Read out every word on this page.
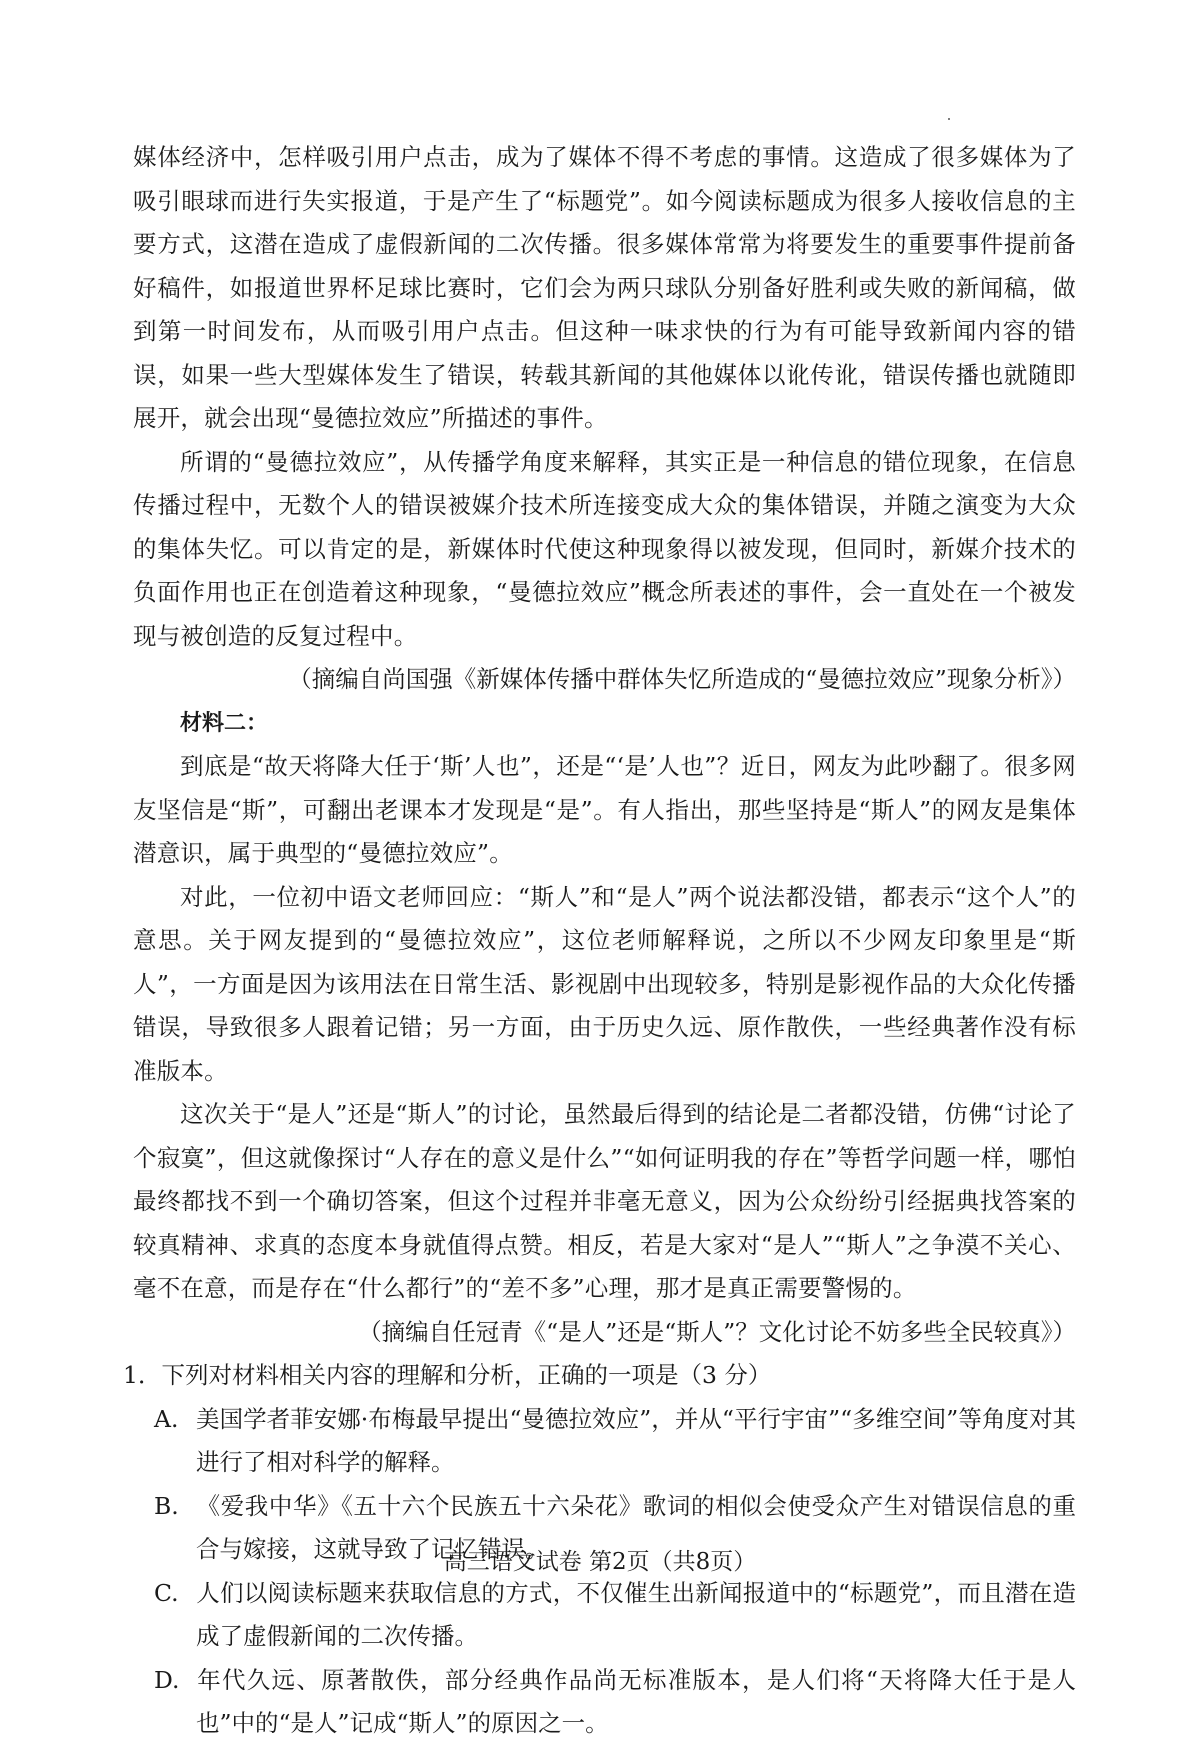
媒体经济中，怎样吸引用户点击，成为了媒体不得不考虑的事情。这造成了很多媒体为了吸引眼球而进行失实报道，于是产生了“标题党”。如今阅读标题成为很多人接收信息的主要方式，这潜在造成了虚假新闻的二次传播。很多媒体常常为将要发生的重要事件提前备好稿件，如报道世界杯足球比赛时，它们会为两只球队分别备好胜利或失败的新闻稿，做到第一时间发布，从而吸引用户点击。但这种一味求快的行为有可能导致新闻内容的错误，如果一些大型媒体发生了错误，转载其新闻的其他媒体以讹传讹，错误传播也就随即展开，就会出现“曼德拉效应”所描述的事件。

所谓的“曼德拉效应”，从传播学角度来解释，其实正是一种信息的错位现象，在信息传播过程中，无数个人的错误被媒介技术所连接变成大众的集体错误，并随之演变为大众的集体失忆。可以肯定的是，新媒体时代使这种现象得以被发现，但同时，新媒介技术的负面作用也正在创造着这种现象，“曼德拉效应”概念所表述的事件，会一直处在一个被发现与被创造的反复过程中。

（摘编自尚国强《新媒体传播中群体失忆所造成的“曼德拉效应”现象分析》）

材料二：

到底是“故天将降大任于‘斯’人也”，还是“‘是’人也”？近日，网友为此吵翻了。很多网友坚信是“斯”，可翻出老课本才发现是“是”。有人指出，那些坚持是“斯人”的网友是集体潜意识，属于典型的“曼德拉效应”。

对此，一位初中语文老师回应：“斯人”和“是人”两个说法都没错，都表示“这个人”的意思。关于网友提到的“曼德拉效应”，这位老师解释说，之所以不少网友印象里是“斯人”，一方面是因为该用法在日常生活、影视剧中出现较多，特别是影视作品的大众化传播错误，导致很多人跟着记错；另一方面，由于历史久远、原作散佚，一些经典著作没有标准版本。

这次关于“是人”还是“斯人”的讨论，虽然最后得到的结论是二者都没错，仿佛“讨论了个寂寞”，但这就像探讨“人存在的意义是什么”“如何证明我的存在”等哲学问题一样，哪怕最终都找不到一个确切答案，但这个过程并非毫无意义，因为公众纷纷引经据典找答案的较真精神、求真的态度本身就值得点赞。相反，若是大家对“是人”“斯人”之争漠不关心、毫不在意，而是存在“什么都行”的“差不多”心理，那才是真正需要警惕的。

（摘编自任冠青《“是人”还是“斯人”？文化讨论不妨多些全民较真》）

1．下列对材料相关内容的理解和分析，正确的一项是（3 分）

A. 美国学者菲安娜·布梅最早提出“曼德拉效应”，并从“平行宇宙”“多维空间”等角度对其进行了相对科学的解释。

B. 《爱我中华》《五十六个民族五十六朵花》歌词的相似会使受众产生对错误信息的重合与嫁接，这就导致了记忆错误。

C. 人们以阅读标题来获取信息的方式，不仅催生出新闻报道中的“标题党”，而且潜在造成了虚假新闻的二次传播。

D. 年代久远、原著散佚，部分经典作品尚无标准版本，是人们将“天将降大任于是人也”中的“是人”记成“斯人”的原因之一。

高三语文试卷 第2页（共8页）
